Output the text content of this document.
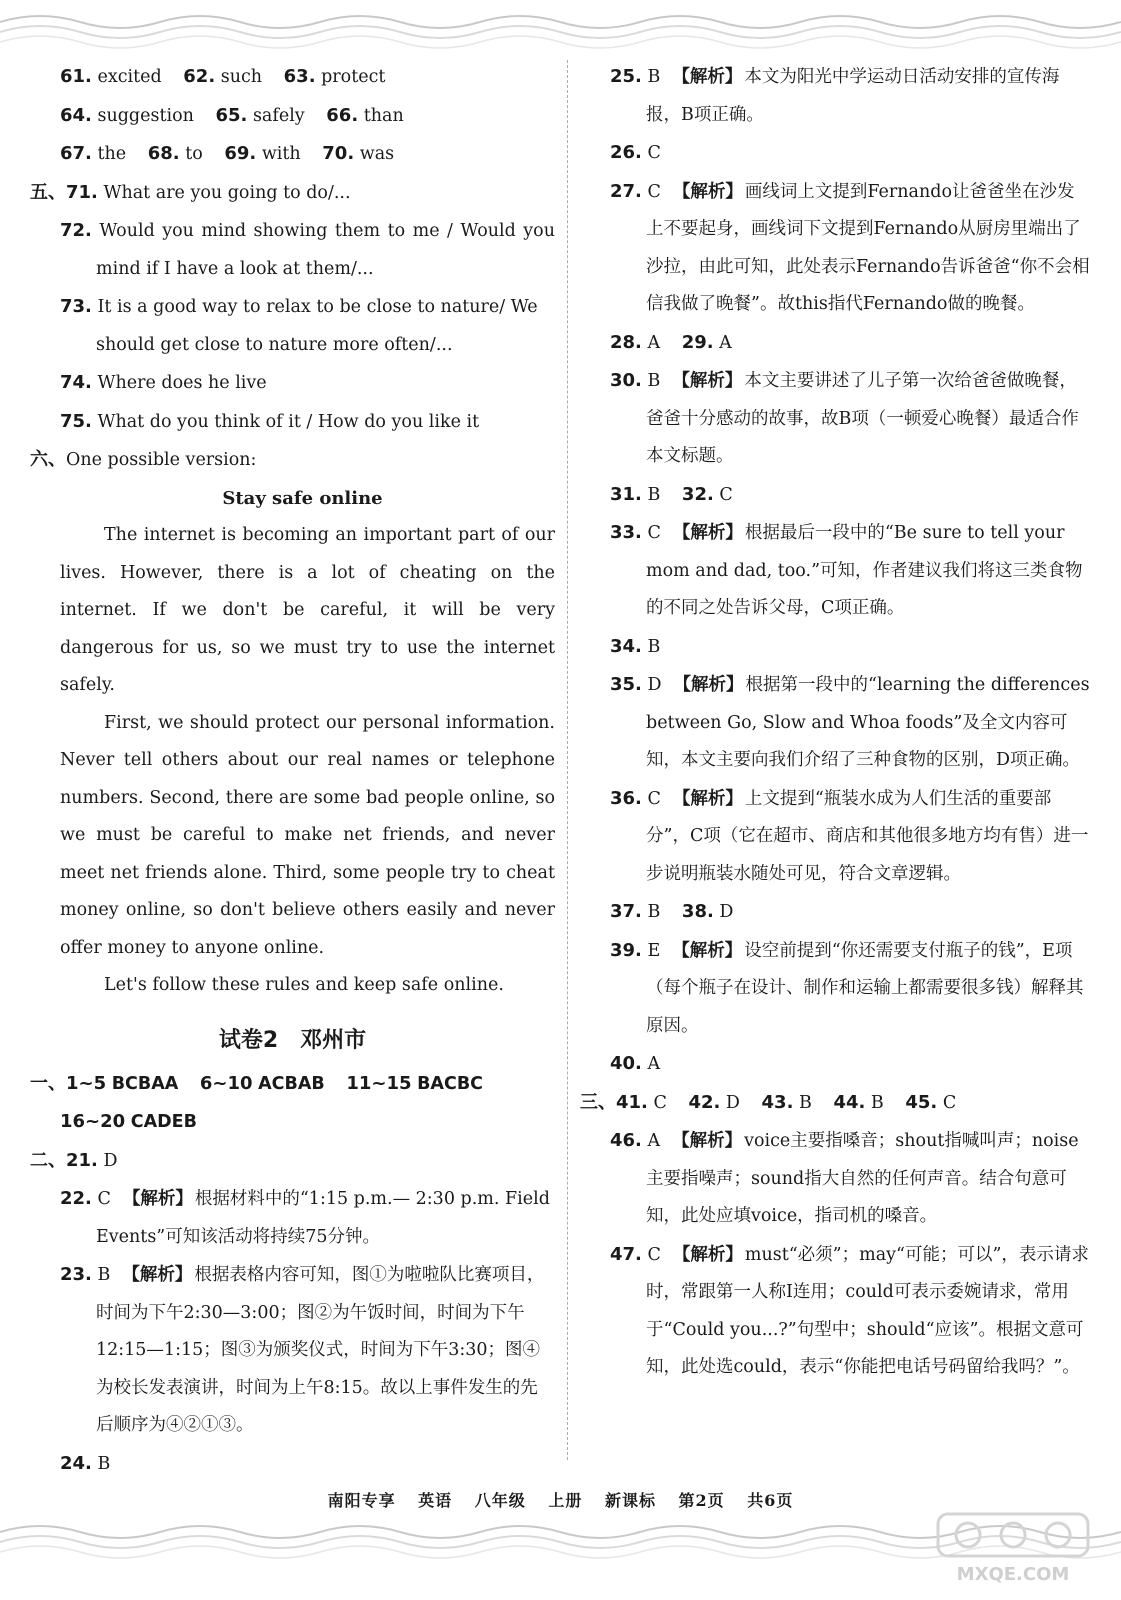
61. excited 62. such 63. protect
64. suggestion 65. safely 66. than
67. the 68. to 69. with 70. was
五、71. What are you going to do/...
72. Would you mind showing them to me / Would you mind if I have a look at them/...
73. It is a good way to relax to be close to nature/ We should get close to nature more often/...
74. Where does he live
75. What do you think of it / How do you like it
六、One possible version:
Stay safe online

The internet is becoming an important part of our lives. However, there is a lot of cheating on the internet. If we don't be careful, it will be very dangerous for us, so we must try to use the internet safely.

First, we should protect our personal information. Never tell others about our real names or telephone numbers. Second, there are some bad people online, so we must be careful to make net friends, and never meet net friends alone. Third, some people try to cheat money online, so don't believe others easily and never offer money to anyone online.

Let's follow these rules and keep safe online.

试卷2　邓州市
一、1~5 BCBAA 6~10 ACBAB 11~15 BACBC
16~20 CADEB
二、21. D
22. C 【解析】 根据材料中的“1:15 p.m.— 2:30 p.m. Field Events”可知该活动将持续75分钟。
23. B 【解析】 根据表格内容可知，图①为啦啦队比赛项目，时间为下午2:30—3:00；图②为午饭时间，时间为下午12:15—1:15；图③为颁奖仪式，时间为下午3:30；图④为校长发表演讲，时间为上午8:15。故以上事件发生的先后顺序为④②①③。
24. B
25. B 【解析】 本文为阳光中学运动日活动安排的宣传海报，B项正确。
26. C
27. C 【解析】 画线词上文提到Fernando让爸爸坐在沙发上不要起身，画线词下文提到Fernando从厨房里端出了沙拉，由此可知，此处表示Fernando告诉爸爸“你不会相信我做了晚餐”。故this指代Fernando做的晚餐。
28. A 29. A
30. B 【解析】 本文主要讲述了儿子第一次给爸爸做晚餐，爸爸十分感动的故事，故B项（一顿爱心晚餐）最适合作本文标题。
31. B 32. C
33. C 【解析】 根据最后一段中的“Be sure to tell your mom and dad, too.”可知，作者建议我们将这三类食物的不同之处告诉父母，C项正确。
34. B
35. D 【解析】 根据第一段中的“learning the differences between Go, Slow and Whoa foods”及全文内容可知，本文主要向我们介绍了三种食物的区别，D项正确。
36. C 【解析】 上文提到“瓶装水成为人们生活的重要部分”，C项（它在超市、商店和其他很多地方均有售）进一步说明瓶装水随处可见，符合文章逻辑。
37. B 38. D
39. E 【解析】 设空前提到“你还需要支付瓶子的钱”，E项（每个瓶子在设计、制作和运输上都需要很多钱）解释其原因。
40. A
三、41. C 42. D 43. B 44. B 45. C
46. A 【解析】 voice主要指嗓音；shout指喊叫声；noise主要指噪声；sound指大自然的任何声音。结合句意可知，此处应填voice，指司机的嗓音。
47. C 【解析】 must“必须”；may“可能；可以”，表示请求时，常跟第一人称I连用；could可表示委婉请求，常用于“Could you...?”句型中；should“应该”。根据文意可知，此处选could，表示“你能把电话号码留给我吗？”。
南阳专享 英语 八年级 上册 新课标 第2页 共6页
MXQE.COM
